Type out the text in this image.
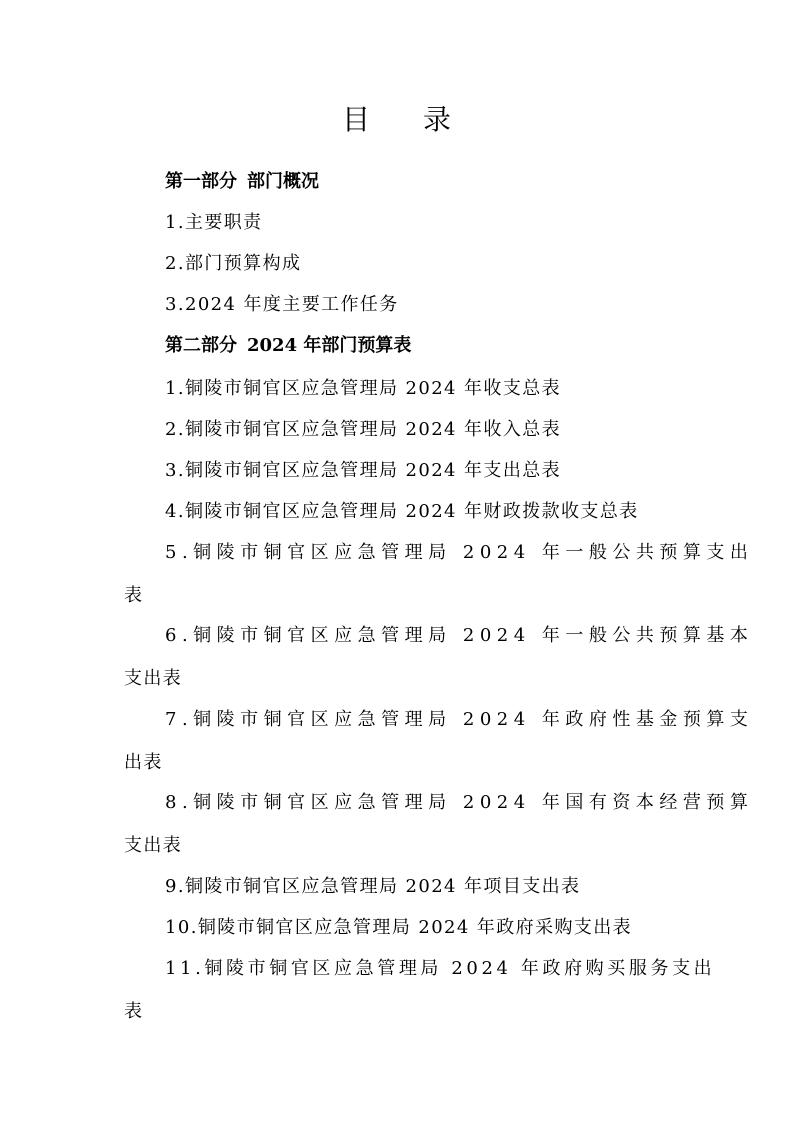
目 录
第一部分 部门概况
1.主要职责
2.部门预算构成
3.2024 年度主要工作任务
第二部分 2024 年部门预算表
1.铜陵市铜官区应急管理局 2024 年收支总表
2.铜陵市铜官区应急管理局 2024 年收入总表
3.铜陵市铜官区应急管理局 2024 年支出总表
4.铜陵市铜官区应急管理局 2024 年财政拨款收支总表
5.铜陵市铜官区应急管理局 2024 年一般公共预算支出
表
6.铜陵市铜官区应急管理局 2024 年一般公共预算基本
支出表
7.铜陵市铜官区应急管理局 2024 年政府性基金预算支
出表
8.铜陵市铜官区应急管理局 2024 年国有资本经营预算
支出表
9.铜陵市铜官区应急管理局 2024 年项目支出表
10.铜陵市铜官区应急管理局 2024 年政府采购支出表
11.铜陵市铜官区应急管理局 2024 年政府购买服务支出
表
